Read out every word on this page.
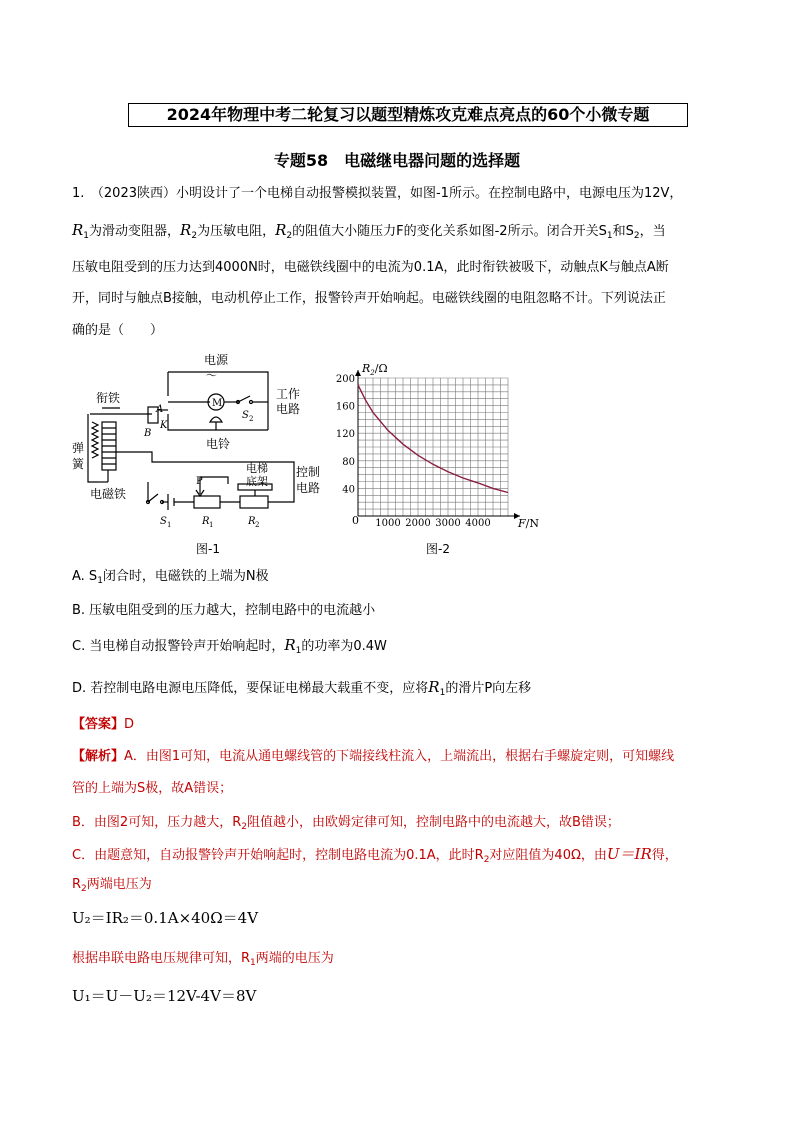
2024年物理中考二轮复习以题型精炼攻克难点亮点的60个小微专题
专题58　电磁继电器问题的选择题
1.　（2023陕西）小明设计了一个电梯自动报警模拟装置，如图-1所示。在控制电路中，电源电压为12V，
$R_1$为滑动变阻器，$R_2$为压敏电阻，$R_2$的阻值大小随压力F的变化关系如图-2所示。闭合开关$S_1$和$S_2$，当
压敏电阻受到的压力达到4000N时，电磁铁线圈中的电流为0.1A，此时衔铁被吸下，动触点K与触点A断
开，同时与触点B接触，电动机停止工作，报警铃声开始响起。电磁铁线圈的电阻忽略不计。下列说法正
确的是（　　）
电源
～
M
工作
电路
S 2
衔铁
弹
簧
电磁铁
A
B
K
电铃
电梯
底架
控制
电路
P
S 1	R 1	R 2
图-1
1000 2000 3000 4000
40
80
120
160
200
$R_2/\Omega$
F/N
0
图-2
A. $S_1$闭合时，电磁铁的上端为N极
B. 压敏电阻受到的压力越大，控制电路中的电流越小
C. 当电梯自动报警铃声开始响起时，$R_1$的功率为0.4W
D. 若控制电路电源电压降低，要保证电梯最大载重不变，应将$R_1$的滑片P向左移
【答案】D
【解析】A．由图1可知，电流从通电螺线管的下端接线柱流入，上端流出，根据右手螺旋定则，可知螺线
管的上端为S极，故A错误；
B．由图2可知，压力越大，$R_2$阻值越小，由欧姆定律可知，控制电路中的电流越大，故B错误；
C．由题意知，自动报警铃声开始响起时，控制电路电流为0.1A，此时$R_2$对应阻值为40Ω，由U＝IR得，
$R_2$两端电压为
U₂＝IR₂＝0.1A×40Ω＝4V
根据串联电路电压规律可知，$R_1$两端的电压为
U₁＝U－U₂＝12V-4V＝8V
